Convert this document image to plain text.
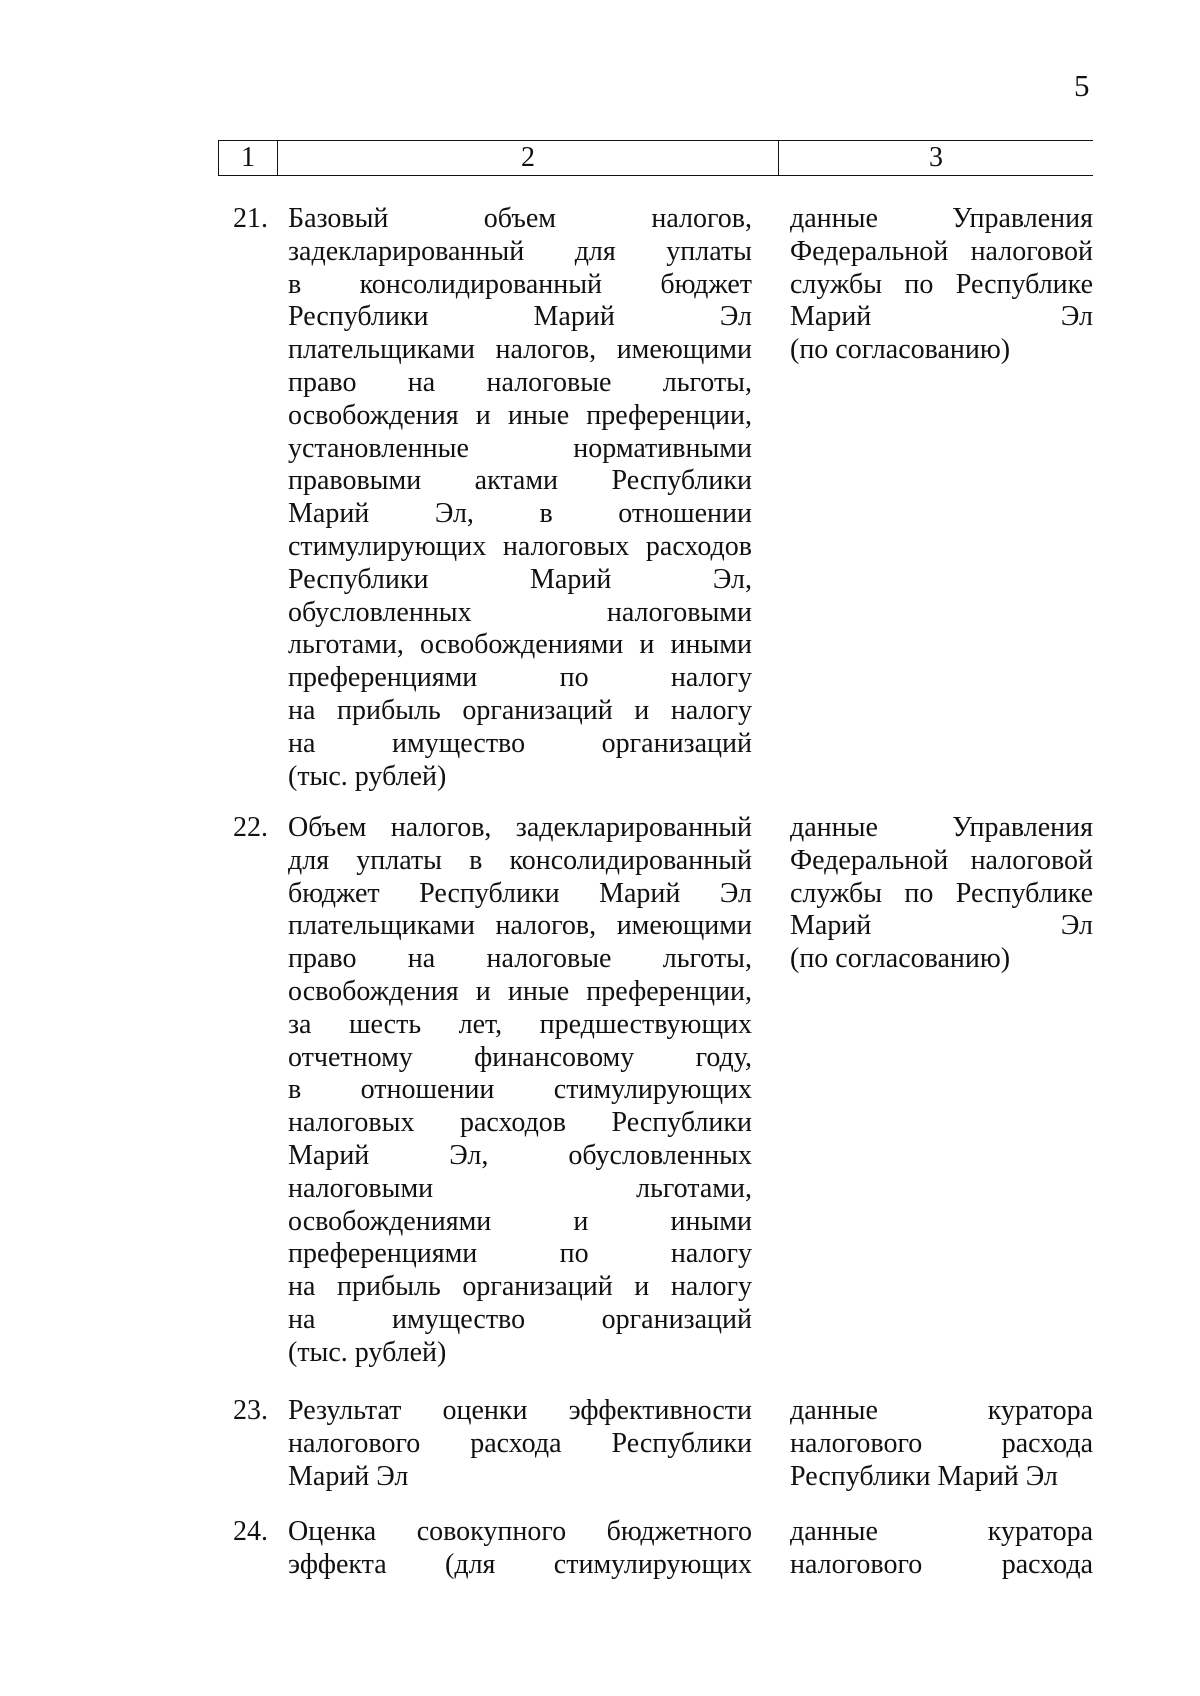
5
1	2	3
21. Базовый объем налогов,
задекларированный для уплаты
в консолидированный бюджет
Республики Марий Эл
плательщиками налогов, имеющими
право на налоговые льготы,
освобождения и иные преференции,
установленные нормативными
правовыми актами Республики
Марий Эл, в отношении
стимулирующих налоговых расходов
Республики Марий Эл,
обусловленных налоговыми
льготами, освобождениями и иными
преференциями по налогу
на прибыль организаций и налогу
на имущество организаций
(тыс. рублей)
данные Управления
Федеральной налоговой
службы по Республике
Марий Эл
(по согласованию)
22. Объем налогов, задекларированный
для уплаты в консолидированный
бюджет Республики Марий Эл
плательщиками налогов, имеющими
право на налоговые льготы,
освобождения и иные преференции,
за шесть лет, предшествующих
отчетному финансовому году,
в отношении стимулирующих
налоговых расходов Республики
Марий Эл, обусловленных
налоговыми льготами,
освобождениями и иными
преференциями по налогу
на прибыль организаций и налогу
на имущество организаций
(тыс. рублей)
данные Управления
Федеральной налоговой
службы по Республике
Марий Эл
(по согласованию)
23. Результат оценки эффективности
налогового расхода Республики
Марий Эл
данные куратора
налогового расхода
Республики Марий Эл
24. Оценка совокупного бюджетного
эффекта (для стимулирующих
данные куратора
налогового расхода
